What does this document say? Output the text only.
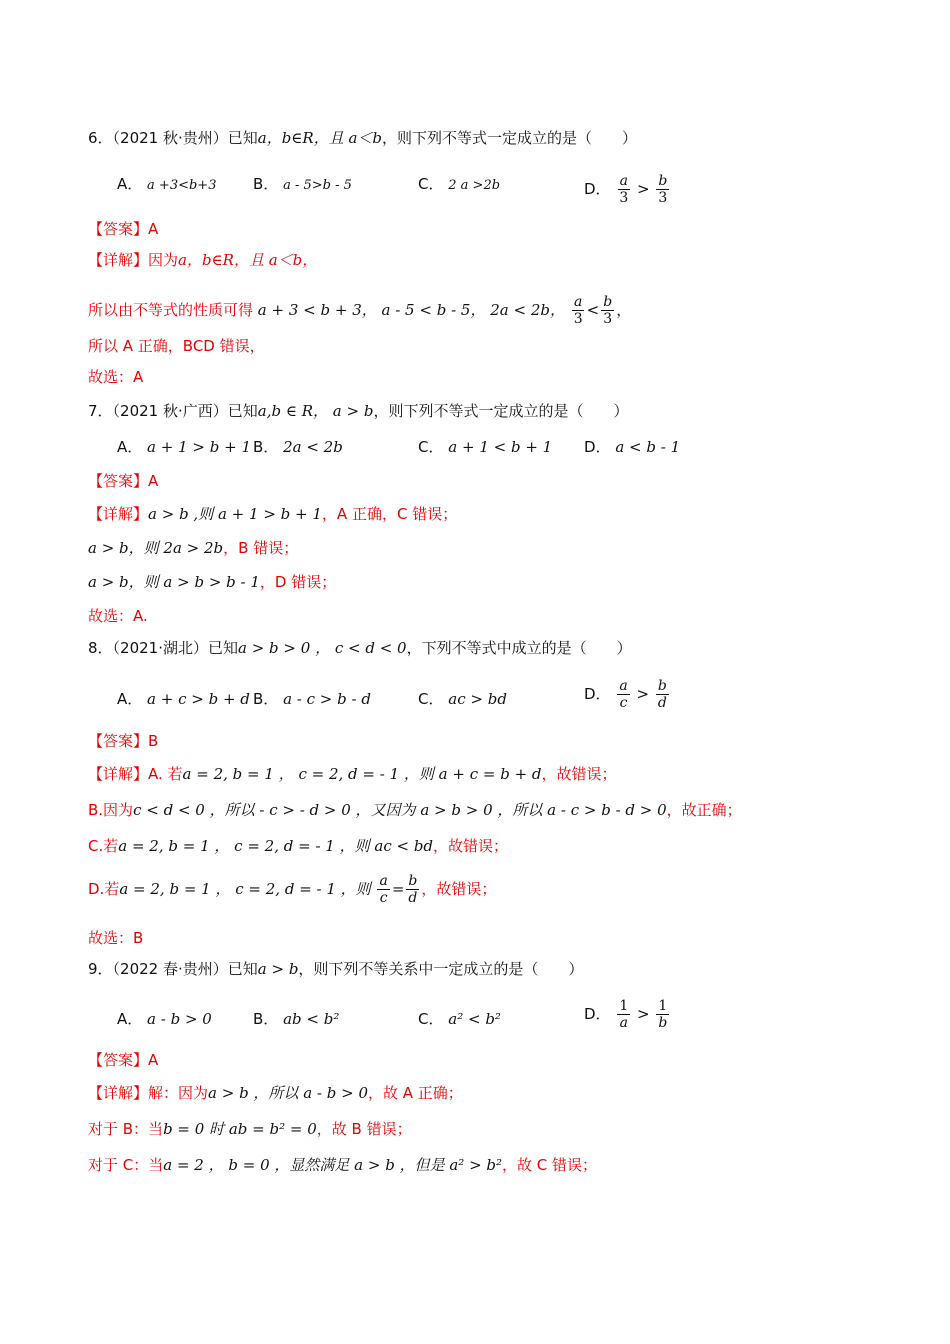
6．（2021 秋·贵州）已知a，b∈R，且 a＜b，则下列不等式一定成立的是（　　）
A． a +3<b+3 B． a - 5>b - 5	C． 2 a >2b	D． $\frac{a}{3} > \frac{b}{3}$
【答案】A
【详解】因为a，b∈R，且 a＜b，
所以由不等式的性质可得 a + 3 < b + 3， a - 5 < b - 5， 2a < 2b， $\frac{a}{3} < \frac{b}{3}$ ，
所以 A 正确，BCD 错误，
故选：A
7．（2021 秋·广西）已知a,b ∈ R， a > b，则下列不等式一定成立的是（　　）
A． a + 1 > b + 1 B． 2a < 2b	C． a + 1 < b + 1 D． a < b - 1
【答案】A
【详解】a > b ,则 a + 1 > b + 1，A 正确，C 错误；
a > b，则 2a > 2b，B 错误；
a > b，则 a > b > b - 1，D 错误；
故选：A.
8．（2021·湖北）已知a > b > 0 ， c < d < 0，下列不等式中成立的是（　　）
A． a + c > b + d B． a - c > b - d	C． ac > bd	D． $\frac{a}{c} > \frac{b}{d}$
【答案】B
【详解】A. 若a = 2, b = 1 ， c = 2, d = - 1 ，则 a + c = b + d，故错误；
B.因为c < d < 0 ，所以 - c > - d > 0 ，又因为 a > b > 0 ，所以 a - c > b - d > 0，故正确；
C.若a = 2, b = 1 ， c = 2, d = - 1 ，则 ac < bd，故错误；
D.若a = 2, b = 1 ， c = 2, d = - 1 ，则 $\frac{a}{c} = \frac{b}{d}$ ，故错误；
故选：B
9．（2022 春·贵州）已知a > b，则下列不等关系中一定成立的是（　　）
A． a - b > 0	B． ab < b²	C． a² < b²	D． $\frac{1}{a} > \frac{1}{b}$
【答案】A
【详解】解：因为a > b ，所以 a - b > 0，故 A 正确；
对于 B：当b = 0 时 ab = b² = 0，故 B 错误；
对于 C：当a = 2 ， b = 0 ，显然满足 a > b ，但是 a² > b²，故 C 错误；
